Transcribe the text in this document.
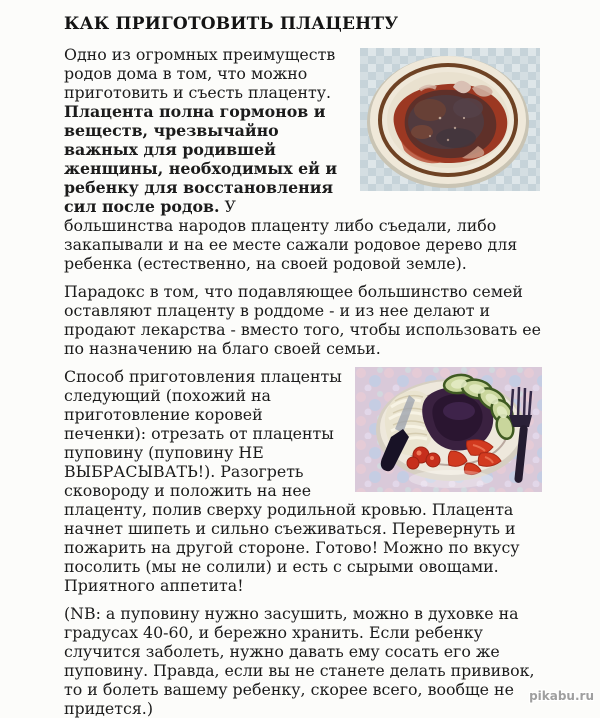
КАК ПРИГОТОВИТЬ ПЛАЦЕНТУ

Одно из огромных преимуществ родов дома в том, что можно приготовить и съесть плаценту. Плацента полна гормонов и веществ, чрезвычайно важных для родившей женщины, необходимых ей и ребенку для восстановления сил после родов. У большинства народов плаценту либо съедали, либо закапывали и на ее месте сажали родовое дерево для ребенка (естественно, на своей родовой земле).

Парадокс в том, что подавляющее большинство семей оставляют плаценту в роддоме - и из нее делают и продают лекарства - вместо того, чтобы использовать ее по назначению на благо своей семьи.

Способ приготовления плаценты следующий (похожий на приготовление коровей печенки): отрезать от плаценты пуповину (пуповину НЕ ВЫБРАСЫВАТЬ!). Разогреть сковороду и положить на нее плаценту, полив сверху родильной кровью. Плацента начнет шипеть и сильно съеживаться. Перевернуть и пожарить на другой стороне. Готово! Можно по вкусу посолить (мы не солили) и есть с сырыми овощами. Приятного аппетита!

(NB: а пуповину нужно засушить, можно в духовке на градусах 40-60, и бережно хранить. Если ребенку случится заболеть, нужно давать ему сосать его же пуповину. Правда, если вы не станете делать прививок, то и болеть вашему ребенку, скорее всего, вообще не придется.)

pikabu.ru
